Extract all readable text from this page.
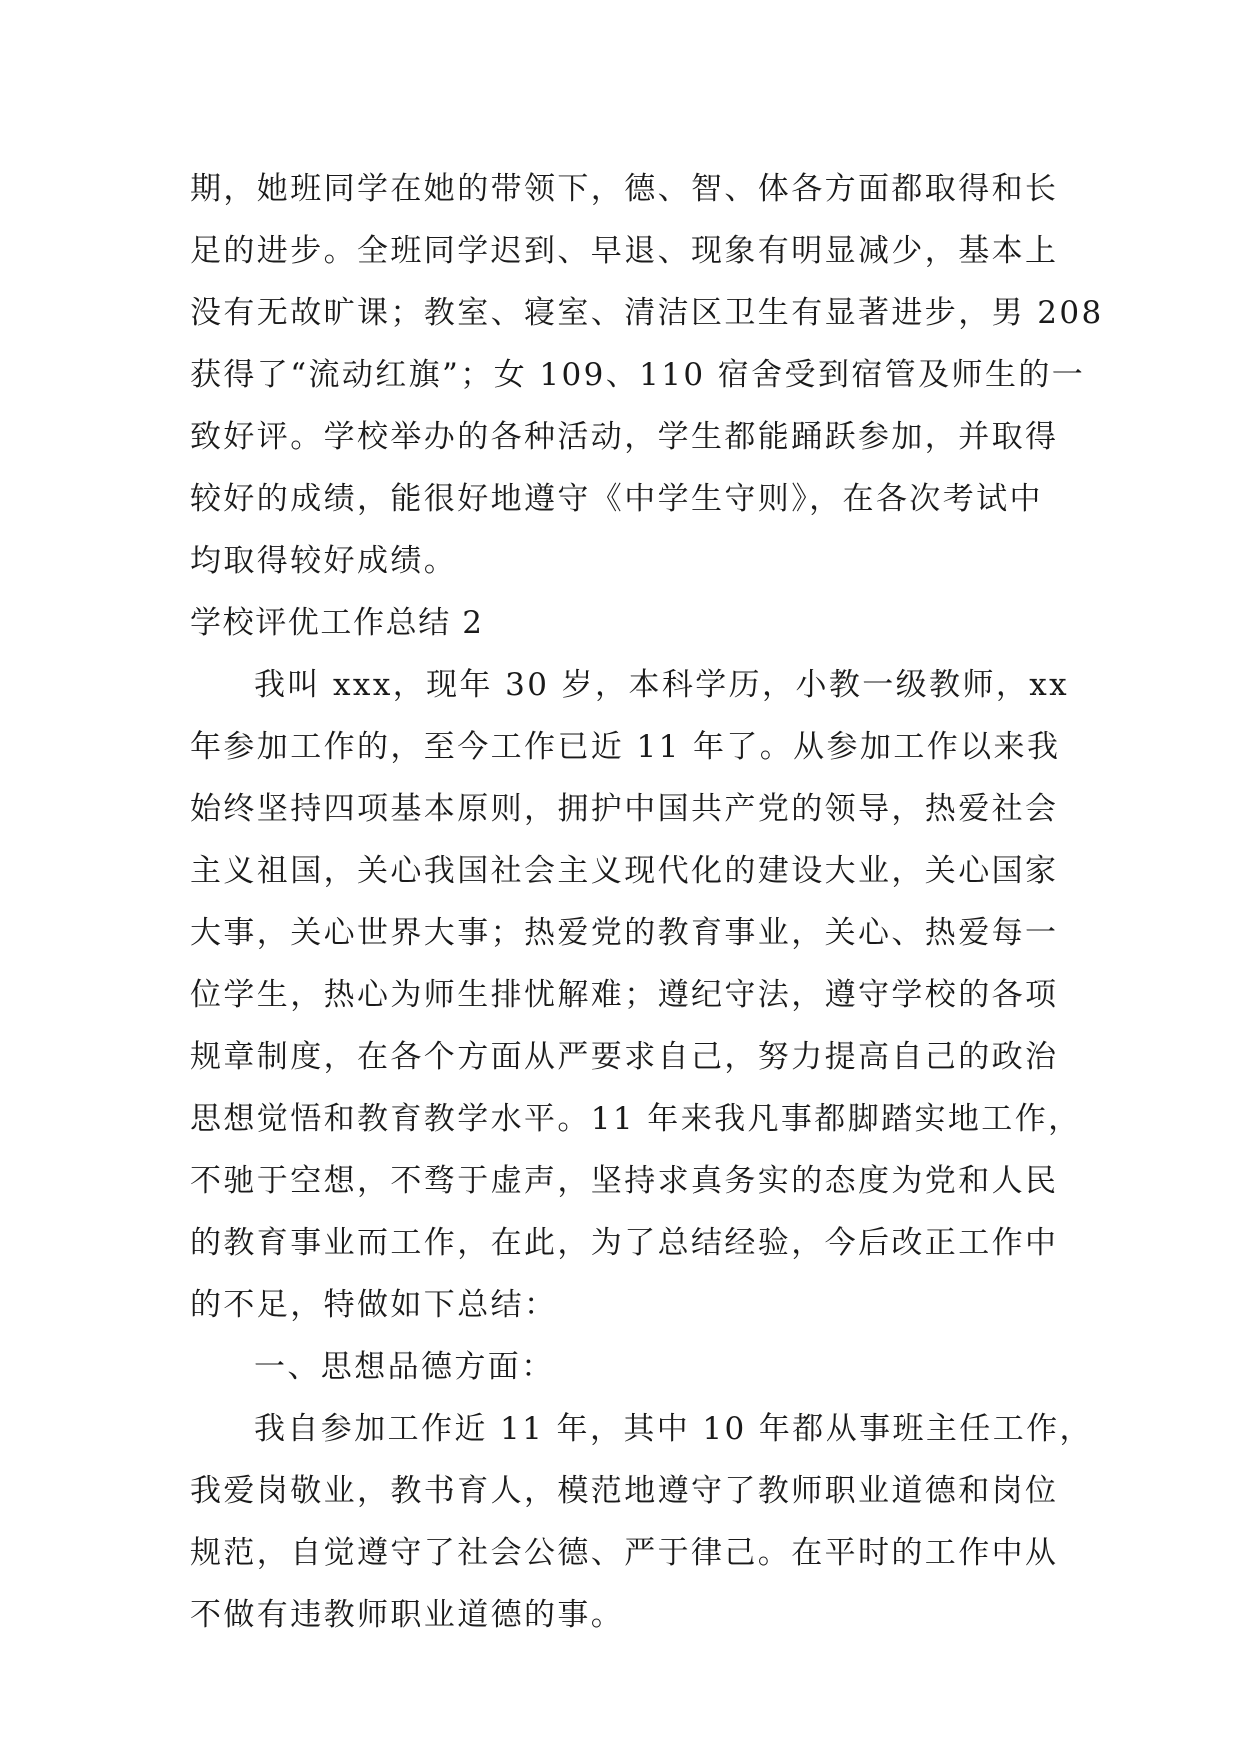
期，她班同学在她的带领下，德、智、体各方面都取得和长
足的进步。全班同学迟到、早退、现象有明显减少，基本上
没有无故旷课；教室、寝室、清洁区卫生有显著进步，男 208
获得了“流动红旗”；女 109、110 宿舍受到宿管及师生的一
致好评。学校举办的各种活动，学生都能踊跃参加，并取得
较好的成绩，能很好地遵守《中学生守则》，在各次考试中
均取得较好成绩。
学校评优工作总结 2
我叫 xxx，现年 30 岁，本科学历，小教一级教师，xx
年参加工作的，至今工作已近 11 年了。从参加工作以来我
始终坚持四项基本原则，拥护中国共产党的领导，热爱社会
主义祖国，关心我国社会主义现代化的建设大业，关心国家
大事，关心世界大事；热爱党的教育事业，关心、热爱每一
位学生，热心为师生排忧解难；遵纪守法，遵守学校的各项
规章制度，在各个方面从严要求自己，努力提高自己的政治
思想觉悟和教育教学水平。11 年来我凡事都脚踏实地工作，
不驰于空想，不骛于虚声，坚持求真务实的态度为党和人民
的教育事业而工作，在此，为了总结经验，今后改正工作中
的不足，特做如下总结：
一、思想品德方面：
我自参加工作近 11 年，其中 10 年都从事班主任工作，
我爱岗敬业，教书育人，模范地遵守了教师职业道德和岗位
规范，自觉遵守了社会公德、严于律己。在平时的工作中从
不做有违教师职业道德的事。
